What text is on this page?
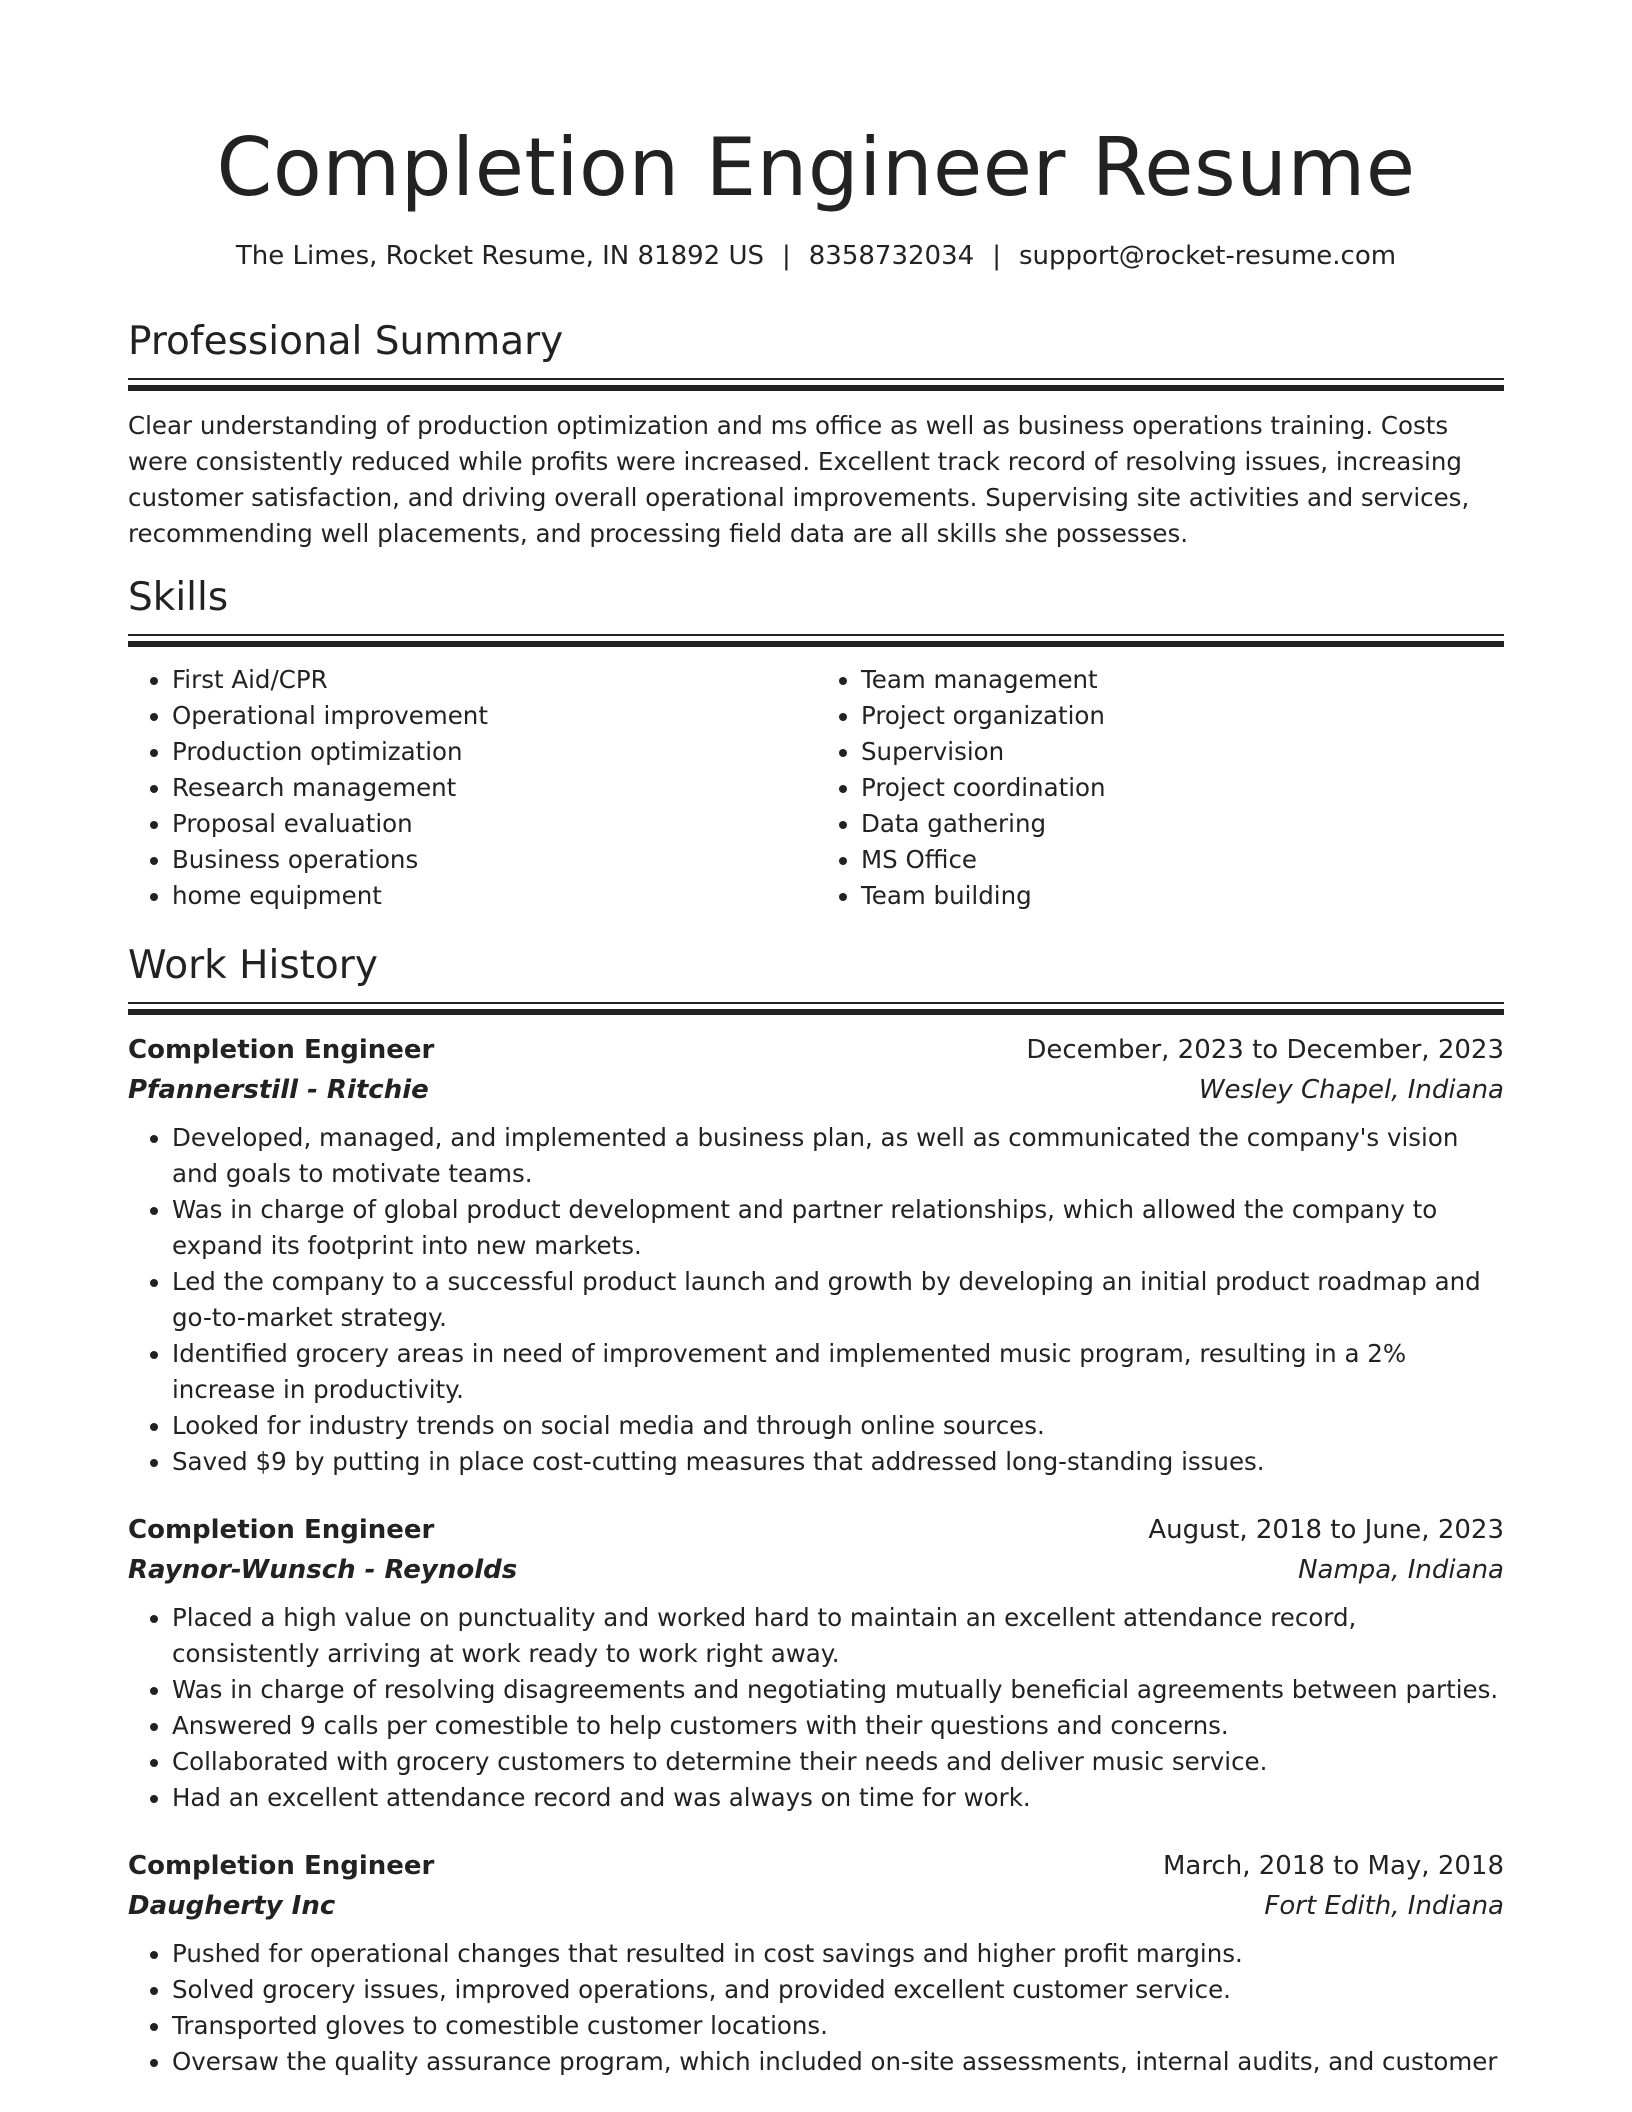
Completion Engineer Resume
The Limes, Rocket Resume, IN 81892 US | 8358732034 | support@rocket-resume.com
Professional Summary

Clear understanding of production optimization and ms office as well as business operations training. Costs were consistently reduced while profits were increased. Excellent track record of resolving issues, increasing customer satisfaction, and driving overall operational improvements. Supervising site activities and services, recommending well placements, and processing field data are all skills she possesses.

Skills
• First Aid/CPR
• Operational improvement
• Production optimization
• Research management
• Proposal evaluation
• Business operations
• home equipment
• Team management
• Project organization
• Supervision
• Project coordination
• Data gathering
• MS Office
• Team building
Work History
Completion Engineer	December, 2023 to December, 2023
Pfannerstill - Ritchie	Wesley Chapel, Indiana
• Developed, managed, and implemented a business plan, as well as communicated the company's vision and goals to motivate teams.
• Was in charge of global product development and partner relationships, which allowed the company to expand its footprint into new markets.
• Led the company to a successful product launch and growth by developing an initial product roadmap and go-to-market strategy.
• Identified grocery areas in need of improvement and implemented music program, resulting in a 2% increase in productivity.
• Looked for industry trends on social media and through online sources.
• Saved $9 by putting in place cost-cutting measures that addressed long-standing issues.
Completion Engineer	August, 2018 to June, 2023
Raynor-Wunsch - Reynolds	Nampa, Indiana
• Placed a high value on punctuality and worked hard to maintain an excellent attendance record, consistently arriving at work ready to work right away.
• Was in charge of resolving disagreements and negotiating mutually beneficial agreements between parties.
• Answered 9 calls per comestible to help customers with their questions and concerns.
• Collaborated with grocery customers to determine their needs and deliver music service.
• Had an excellent attendance record and was always on time for work.
Completion Engineer	March, 2018 to May, 2018
Daugherty Inc	Fort Edith, Indiana
• Pushed for operational changes that resulted in cost savings and higher profit margins.
• Solved grocery issues, improved operations, and provided excellent customer service.
• Transported gloves to comestible customer locations.
• Oversaw the quality assurance program, which included on-site assessments, internal audits, and customer
